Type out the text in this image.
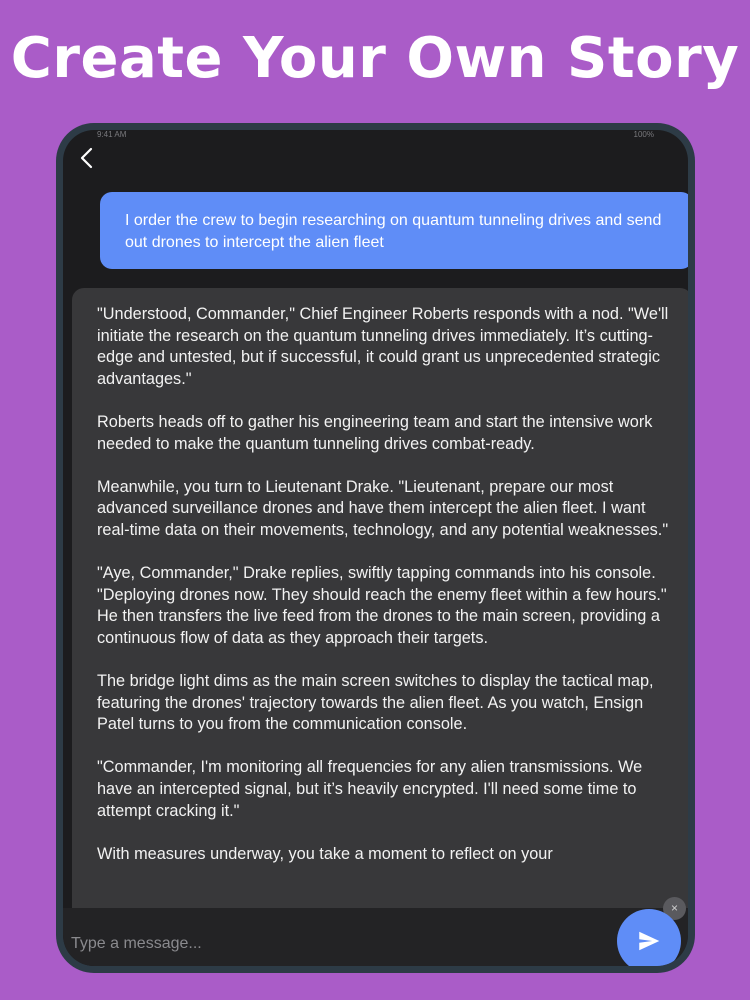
Create Your Own Story
9:41 AM	100%
I order the crew to begin researching on quantum tunneling drives and send out drones to intercept the alien fleet

"Understood, Commander," Chief Engineer Roberts responds with a nod. "We'll initiate the research on the quantum tunneling drives immediately. It’s cutting-edge and untested, but if successful, it could grant us unprecedented strategic advantages."

Roberts heads off to gather his engineering team and start the intensive work needed to make the quantum tunneling drives combat-ready.

Meanwhile, you turn to Lieutenant Drake. "Lieutenant, prepare our most advanced surveillance drones and have them intercept the alien fleet. I want real-time data on their movements, technology, and any potential weaknesses."

"Aye, Commander," Drake replies, swiftly tapping commands into his console. "Deploying drones now. They should reach the enemy fleet within a few hours." He then transfers the live feed from the drones to the main screen, providing a continuous flow of data as they approach their targets.

The bridge light dims as the main screen switches to display the tactical map, featuring the drones' trajectory towards the alien fleet. As you watch, Ensign Patel turns to you from the communication console.

"Commander, I'm monitoring all frequencies for any alien transmissions. We have an intercepted signal, but it’s heavily encrypted. I'll need some time to attempt cracking it."

With measures underway, you take a moment to reflect on your

Type a message...
×
